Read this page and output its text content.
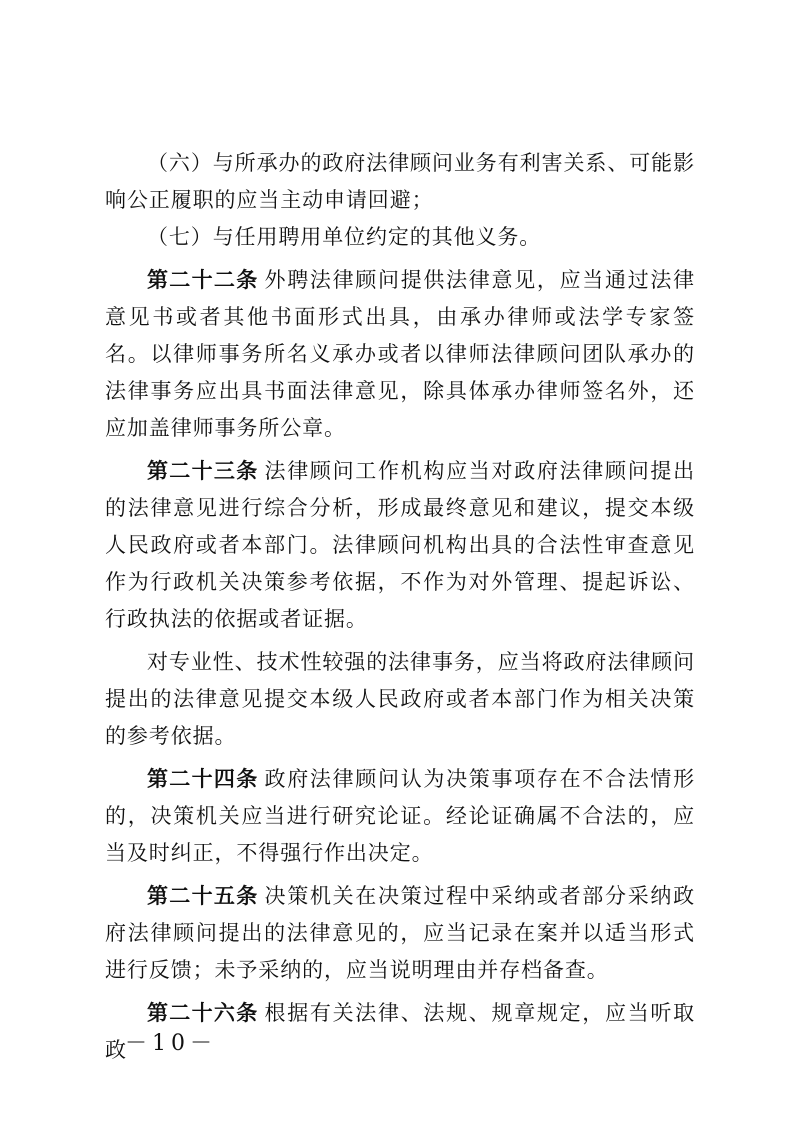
（六）与所承办的政府法律顾问业务有利害关系、可能影响公正履职的应当主动申请回避；

（七）与任用聘用单位约定的其他义务。

第二十二条 外聘法律顾问提供法律意见，应当通过法律意见书或者其他书面形式出具，由承办律师或法学专家签名。以律师事务所名义承办或者以律师法律顾问团队承办的法律事务应出具书面法律意见，除具体承办律师签名外，还应加盖律师事务所公章。

第二十三条 法律顾问工作机构应当对政府法律顾问提出的法律意见进行综合分析，形成最终意见和建议，提交本级人民政府或者本部门。法律顾问机构出具的合法性审查意见作为行政机关决策参考依据，不作为对外管理、提起诉讼、行政执法的依据或者证据。

对专业性、技术性较强的法律事务，应当将政府法律顾问提出的法律意见提交本级人民政府或者本部门作为相关决策的参考依据。

第二十四条 政府法律顾问认为决策事项存在不合法情形的，决策机关应当进行研究论证。经论证确属不合法的，应当及时纠正，不得强行作出决定。

第二十五条 决策机关在决策过程中采纳或者部分采纳政府法律顾问提出的法律意见的，应当记录在案并以适当形式进行反馈；未予采纳的，应当说明理由并存档备查。

第二十六条 根据有关法律、法规、规章规定，应当听取政

－10－
